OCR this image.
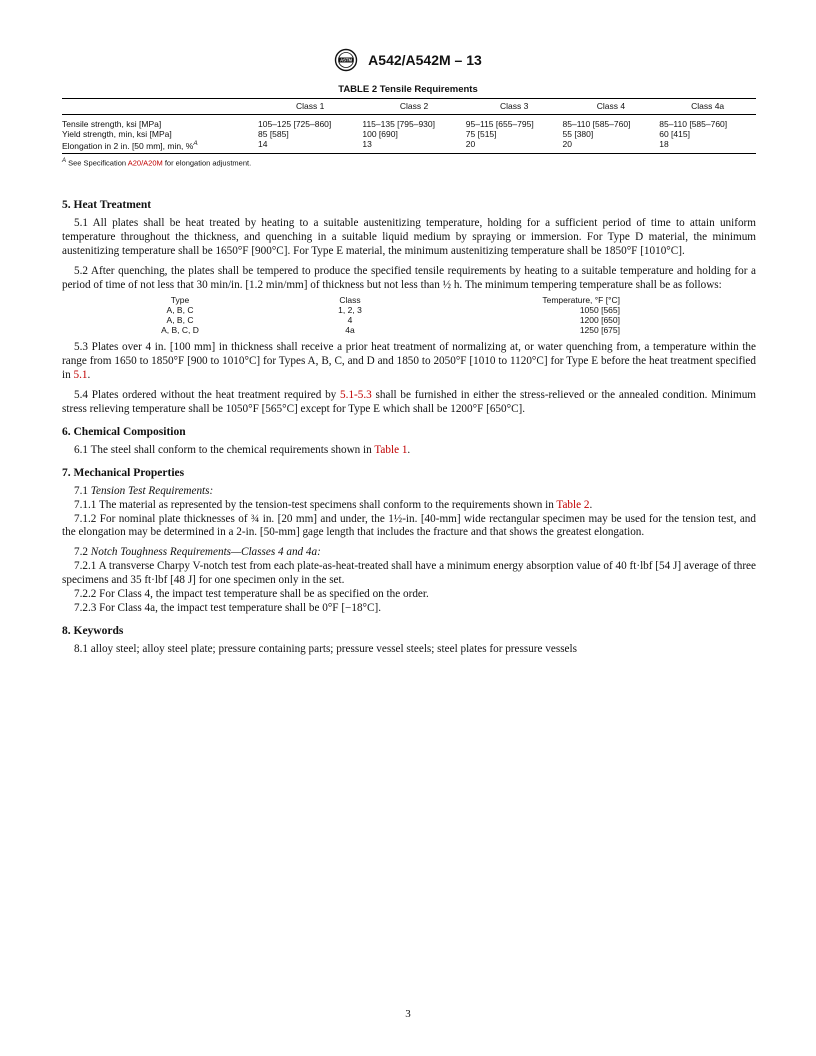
ASTM A542/A542M – 13
TABLE 2 Tensile Requirements
	Class 1	Class 2	Class 3	Class 4	Class 4a
Tensile strength, ksi [MPa]	105–125 [725–860]	115–135 [795–930]	95–115 [655–795]	85–110 [585–760]	85–110 [585–760]
Yield strength, min, ksi [MPa]	85 [585]	100 [690]	75 [515]	55 [380]	60 [415]
Elongation in 2 in. [50 mm], min, %$^A$	14	13	20	20	18
$^A$ See Specification A20/A20M for elongation adjustment.
5. Heat Treatment

5.1 All plates shall be heat treated by heating to a suitable austenitizing temperature, holding for a sufficient period of time to attain uniform temperature throughout the thickness, and quenching in a suitable liquid medium by spraying or immersion. For Type D material, the minimum austenitizing temperature shall be 1650°F [900°C]. For Type E material, the minimum austenitizing temperature shall be 1850°F [1010°C].

5.2 After quenching, the plates shall be tempered to produce the specified tensile requirements by heating to a suitable temperature and holding for a period of time of not less that 30 min/in. [1.2 min/mm] of thickness but not less than ½ h. The minimum tempering temperature shall be as follows:

Type	Class	Temperature, °F [°C]
A, B, C	1, 2, 3	1050 [565]
A, B, C	4	1200 [650]
A, B, C, D	4a	1250 [675]

5.3 Plates over 4 in. [100 mm] in thickness shall receive a prior heat treatment of normalizing at, or water quenching from, a temperature within the range from 1650 to 1850°F [900 to 1010°C] for Types A, B, C, and D and 1850 to 2050°F [1010 to 1120°C] for Type E before the heat treatment specified in 5.1.

5.4 Plates ordered without the heat treatment required by 5.1-5.3 shall be furnished in either the stress-relieved or the annealed condition. Minimum stress relieving temperature shall be 1050°F [565°C] except for Type E which shall be 1200°F [650°C].

6. Chemical Composition

6.1 The steel shall conform to the chemical requirements shown in Table 1.

7. Mechanical Properties

7.1 Tension Test Requirements:

7.1.1 The material as represented by the tension-test specimens shall conform to the requirements shown in Table 2.

7.1.2 For nominal plate thicknesses of ¾ in. [20 mm] and under, the 1½-in. [40-mm] wide rectangular specimen may be used for the tension test, and the elongation may be determined in a 2-in. [50-mm] gage length that includes the fracture and that shows the greatest elongation.

7.2 Notch Toughness Requirements—Classes 4 and 4a:

7.2.1 A transverse Charpy V-notch test from each plate-as-heat-treated shall have a minimum energy absorption value of 40 ft·lbf [54 J] average of three specimens and 35 ft·lbf [48 J] for one specimen only in the set.

7.2.2 For Class 4, the impact test temperature shall be as specified on the order.

7.2.3 For Class 4a, the impact test temperature shall be 0°F [−18°C].

8. Keywords

8.1 alloy steel; alloy steel plate; pressure containing parts; pressure vessel steels; steel plates for pressure vessels

3
